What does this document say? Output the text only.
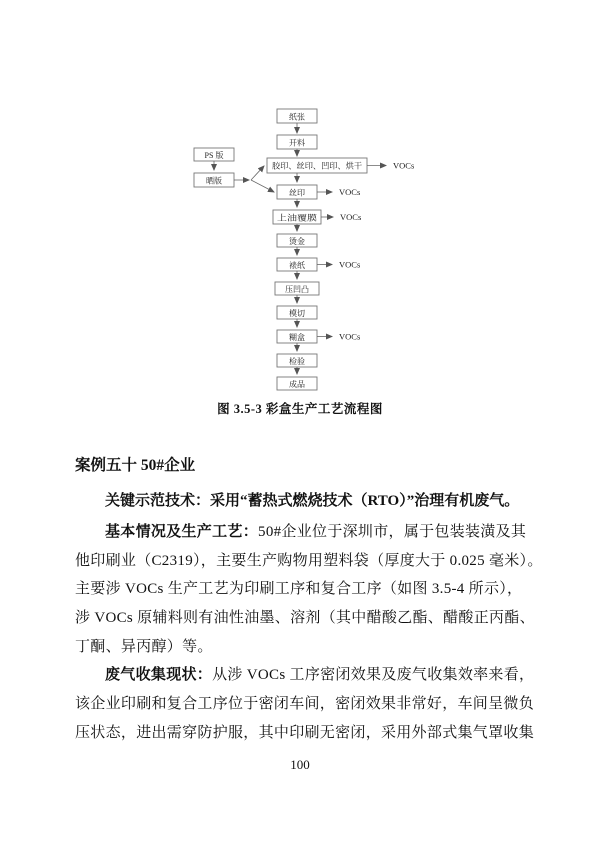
PS 版
晒版
纸张
开料
胶印、丝印、凹印、烘干	VOCs
丝印	VOCs
上油覆膜	VOCs
烫金
裱纸	VOCs
压凹凸
模切
糊盒	VOCs
检验
成品
图 3.5-3 彩盒生产工艺流程图
案例五十 50#企业
关键示范技术：采用“蓄热式燃烧技术（RTO）”治理有机废气。
基本情况及生产工艺：50#企业位于深圳市，属于包装装潢及其
他印刷业（C2319），主要生产购物用塑料袋（厚度大于 0.025 毫米）。
主要涉 VOCs 生产工艺为印刷工序和复合工序（如图 3.5-4 所示），
涉 VOCs 原辅料则有油性油墨、溶剂（其中醋酸乙酯、醋酸正丙酯、
丁酮、异丙醇）等。
废气收集现状：从涉 VOCs 工序密闭效果及废气收集效率来看，
该企业印刷和复合工序位于密闭车间，密闭效果非常好，车间呈微负
压状态，进出需穿防护服，其中印刷无密闭，采用外部式集气罩收集
100
